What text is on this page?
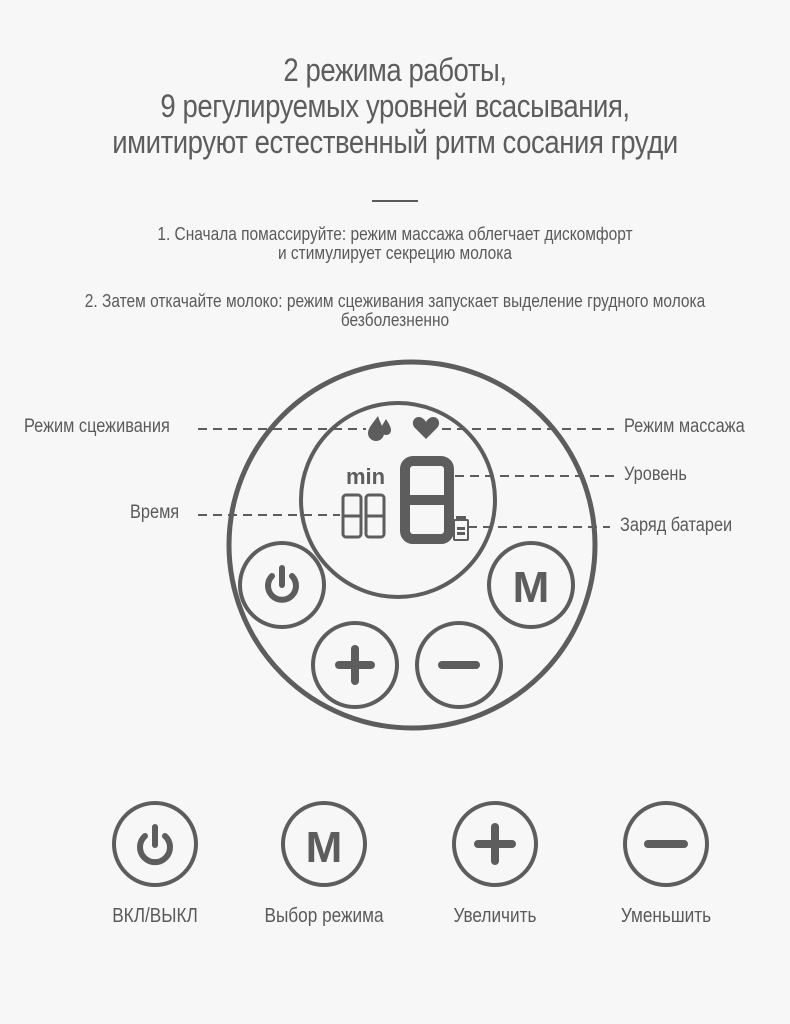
2 режима работы,
9 регулируемых уровней всасывания,
имитируют естественный ритм сосания груди
1. Сначала помассируйте: режим массажа облегчает дискомфорт
и стимулирует секрецию молока
2. Затем откачайте молоко: режим сцеживания запускает выделение грудного молока
безболезненно
min
M
Режим сцеживания	Режим массажа
Время
Уровень
Заряд батареи
M
ВКЛ/ВЫКЛ	Выбор режима	Увеличить	Уменьшить
